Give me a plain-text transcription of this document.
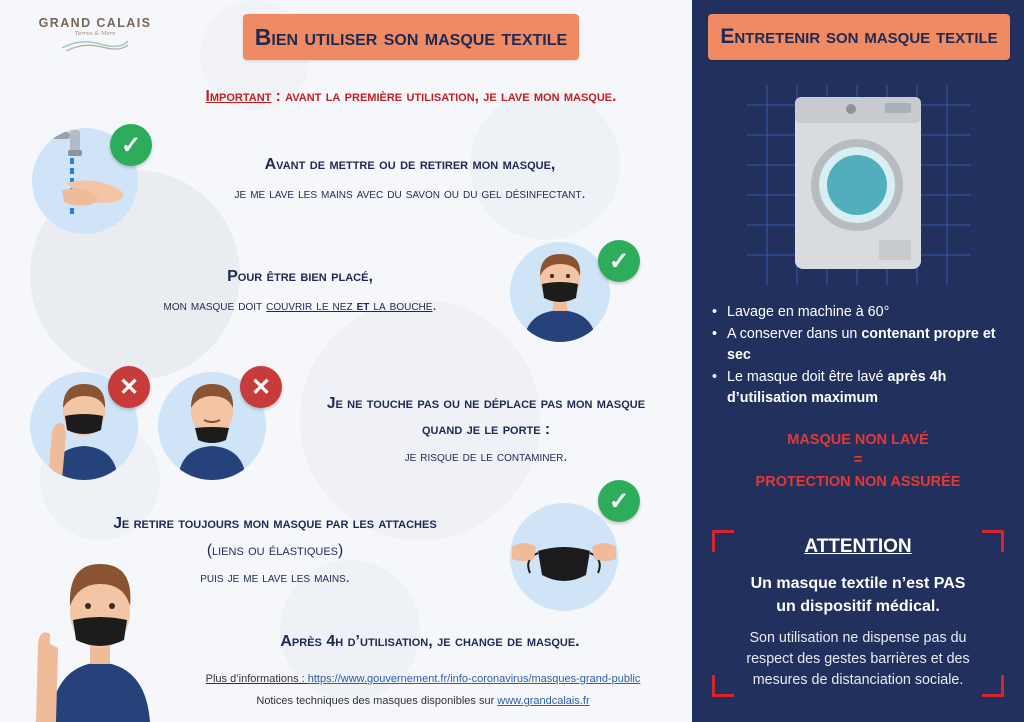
GRAND CALAIS
Terres & Mers	Bien utiliser son masque textile
Important : avant la première utilisation, je lave mon masque.
✓
Avant de mettre ou de retirer mon masque,
je me lave les mains avec du savon ou du gel désinfectant.
Pour être bien placé,
mon masque doit couvrir le nez et la bouche.
✓
✕	✕
Je ne touche pas ou ne déplace pas mon masque
quand je le porte :
je risque de le contaminer.
Je retire toujours mon masque par les attaches
(liens ou élastiques)
puis je me lave les mains.
✓
Après 4h d’utilisation, je change de masque.
Plus d’informations : https://www.gouvernement.fr/info-coronavirus/masques-grand-public
Notices techniques des masques disponibles sur www.grandcalais.fr
Entretenir son masque textile
• Lavage en machine à 60°
• A conserver dans un contenant propre et sec
• Le masque doit être lavé après 4h d’utilisation maximum
MASQUE NON LAVÉ
=
PROTECTION NON ASSURÉE
ATTENTION
Un masque textile n’est PAS
un dispositif médical.
Son utilisation ne dispense pas du
respect des gestes barrières et des
mesures de distanciation sociale.
